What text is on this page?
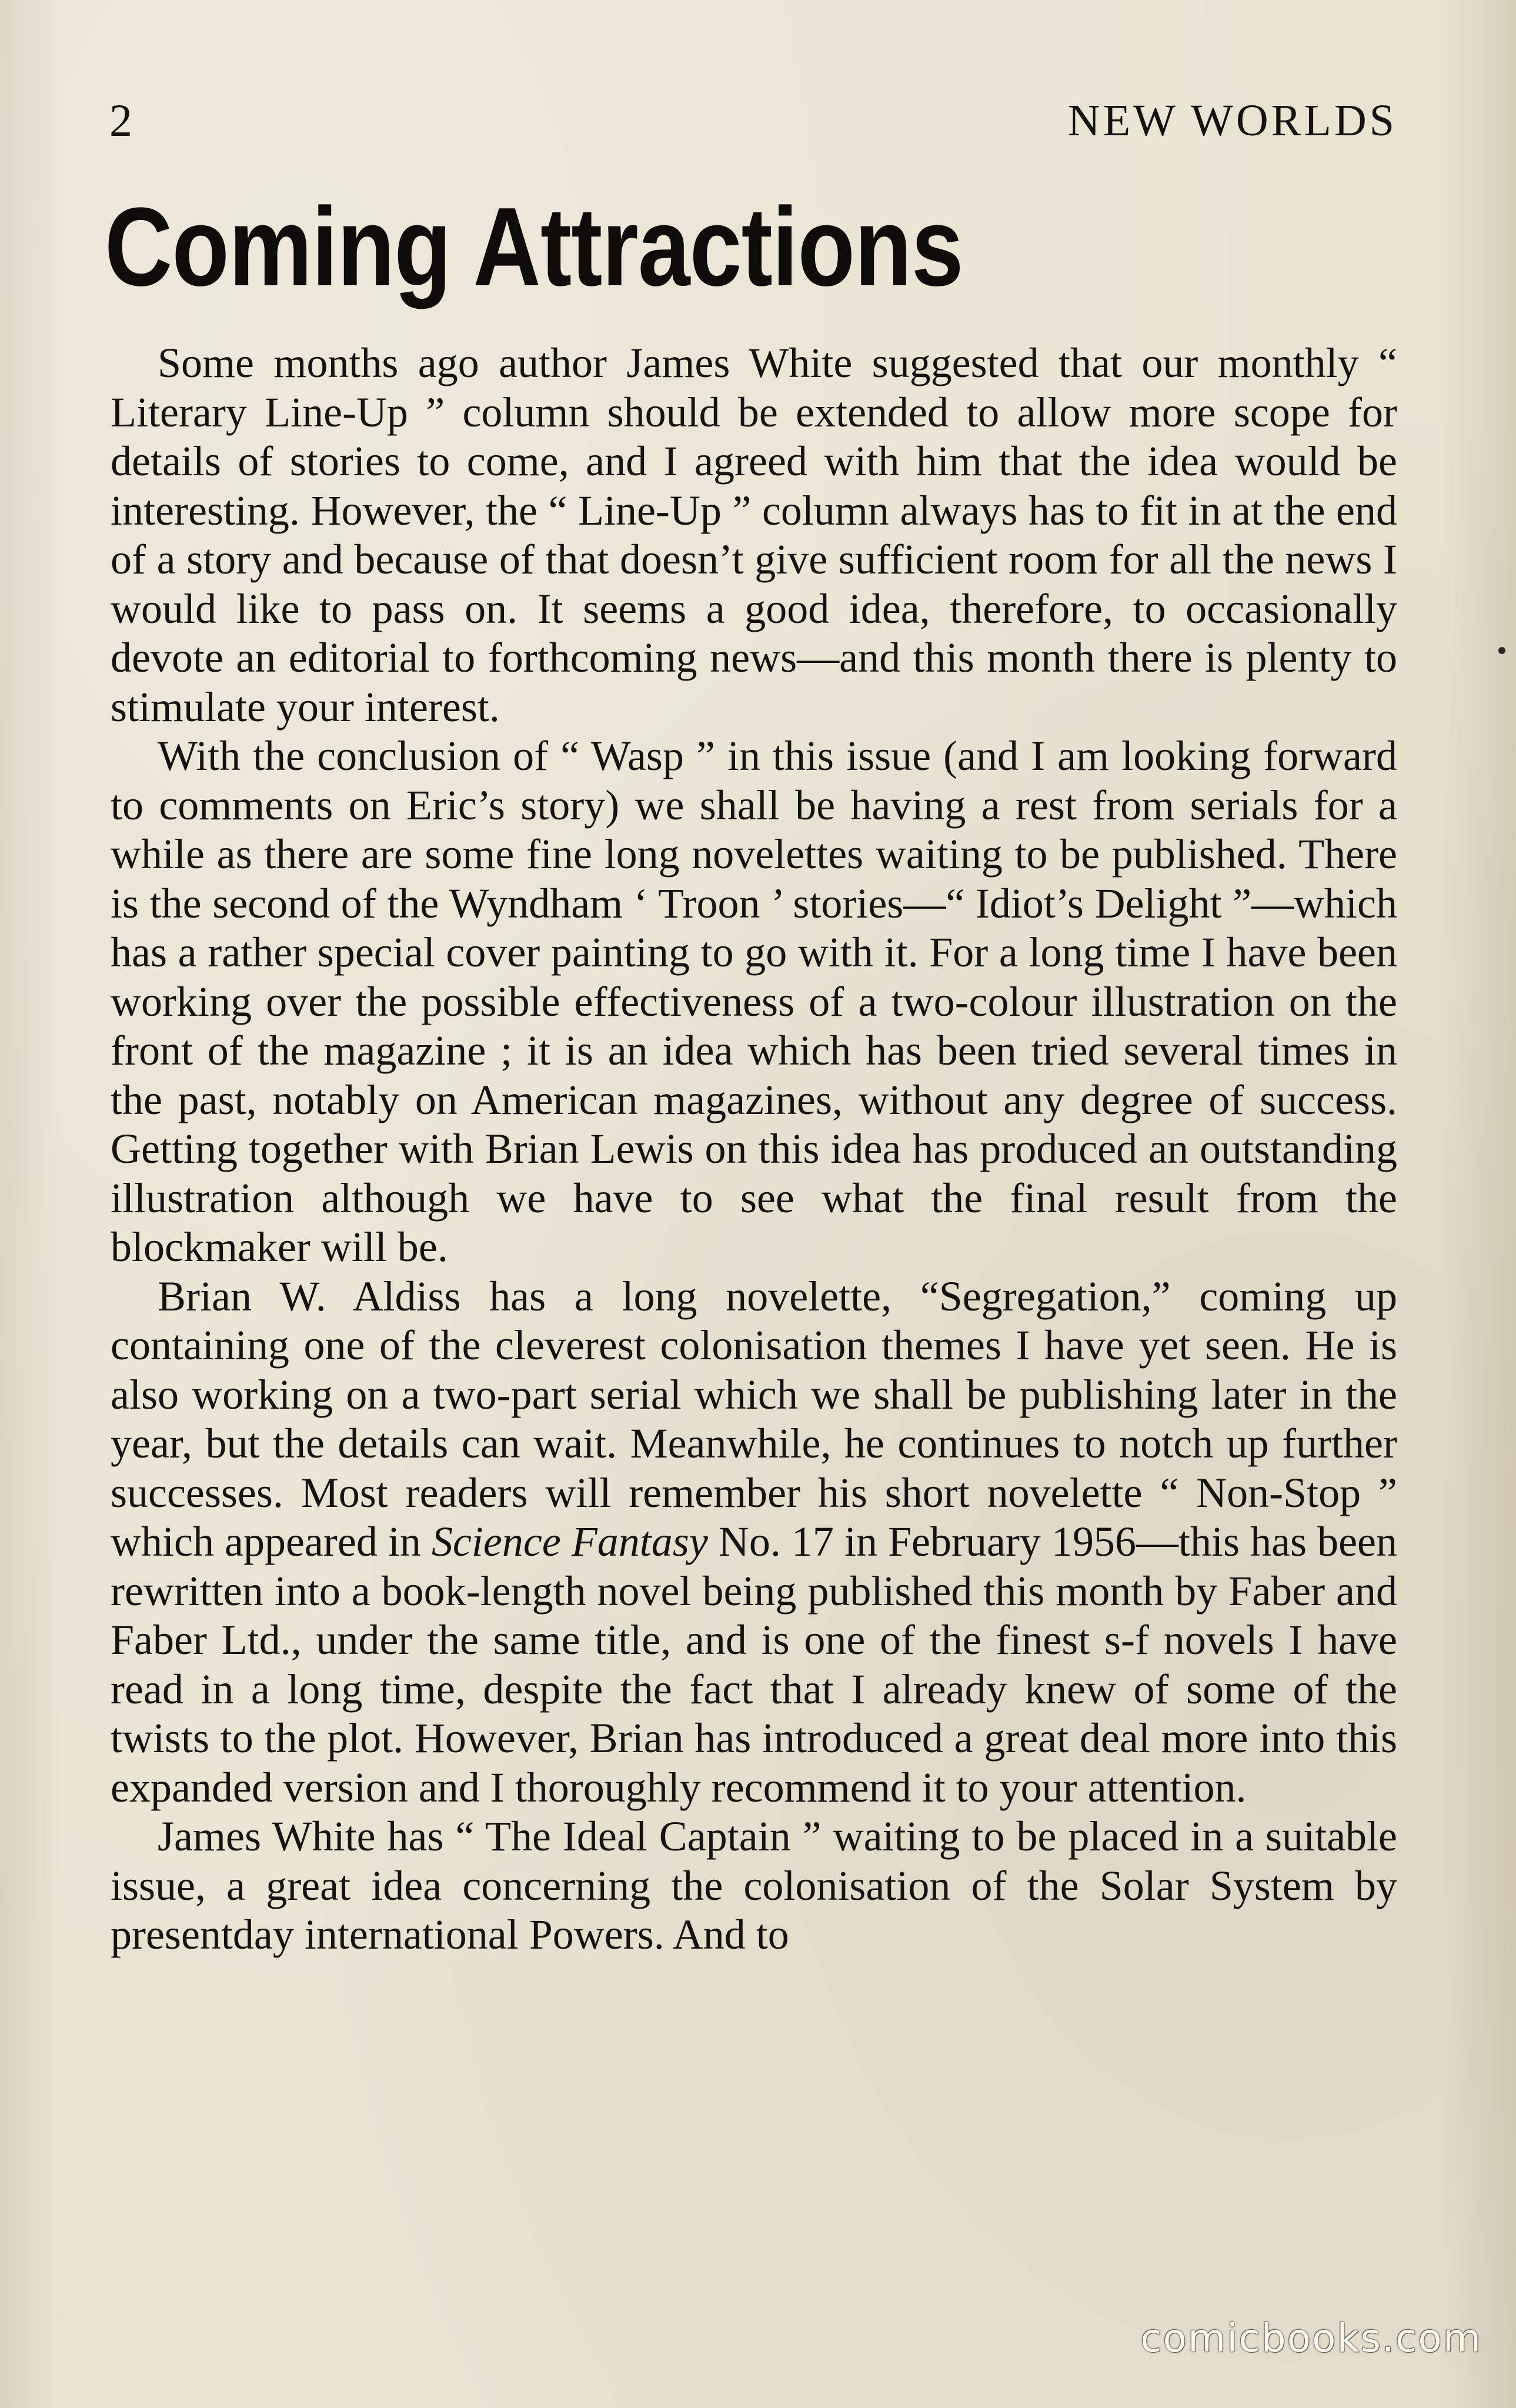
2	NEW WORLDS
Coming Attractions

Some months ago author James White suggested that our monthly “ Literary Line-Up ” column should be extended to allow more scope for details of stories to come, and I agreed with him that the idea would be interesting. However, the “ Line-Up ” column always has to fit in at the end of a story and because of that doesn’t give sufficient room for all the news I would like to pass on. It seems a good idea, therefore, to occasionally devote an editorial to forthcoming news—and this month there is plenty to stimulate your interest.

With the conclusion of “ Wasp ” in this issue (and I am looking forward to comments on Eric’s story) we shall be having a rest from serials for a while as there are some fine long novelettes waiting to be published. There is the second of the Wyndham ‘ Troon ’ stories—“ Idiot’s Delight ”—which has a rather special cover painting to go with it. For a long time I have been working over the possible effectiveness of a two-colour illustration on the front of the magazine ; it is an idea which has been tried several times in the past, notably on American magazines, without any degree of success. Getting together with Brian Lewis on this idea has produced an outstanding illustration although we have to see what the final result from the blockmaker will be.

Brian W. Aldiss has a long novelette, “Segregation,” coming up containing one of the cleverest colonisation themes I have yet seen. He is also working on a two-part serial which we shall be publishing later in the year, but the details can wait. Meanwhile, he continues to notch up further successes. Most readers will remember his short novelette “ Non-Stop ” which appeared in Science Fantasy No. 17 in February 1956—this has been rewritten into a book-length novel being published this month by Faber and Faber Ltd., under the same title, and is one of the finest s-f novels I have read in a long time, despite the fact that I already knew of some of the twists to the plot. However, Brian has introduced a great deal more into this expanded version and I thoroughly recommend it to your attention.

James White has “ The Ideal Captain ” waiting to be placed in a suitable issue, a great idea concerning the colonisation of the Solar System by presentday international Powers. And to

comicbooks.com
